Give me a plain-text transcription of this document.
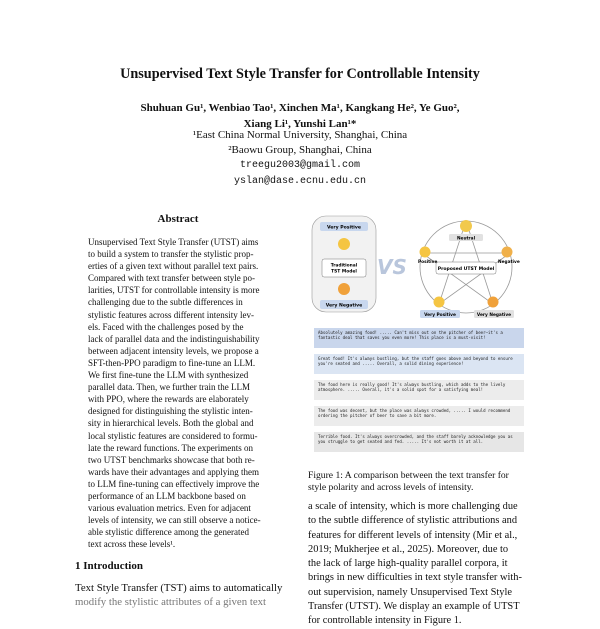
Unsupervised Text Style Transfer for Controllable Intensity
Shuhuan Gu¹, Wenbiao Tao¹, Xinchen Ma¹, Kangkang He², Ye Guo²,
Xiang Li¹, Yunshi Lan¹*
¹East China Normal University, Shanghai, China
²Baowu Group, Shanghai, China
treegu2003@gmail.com
yslan@dase.ecnu.edu.cn
Abstract
Unsupervised Text Style Transfer (UTST) aims
to build a system to transfer the stylistic prop-
erties of a given text without parallel text pairs.
Compared with text transfer between style po-
larities, UTST for controllable intensity is more
challenging due to the subtle differences in
stylistic features across different intensity lev-
els. Faced with the challenges posed by the
lack of parallel data and the indistinguishability
between adjacent intensity levels, we propose a
SFT-then-PPO paradigm to fine-tune an LLM.
We first fine-tune the LLM with synthesized
parallel data. Then, we further train the LLM
with PPO, where the rewards are elaborately
designed for distinguishing the stylistic inten-
sity in hierarchical levels. Both the global and
local stylistic features are considered to formu-
late the reward functions. The experiments on
two UTST benchmarks showcase that both re-
wards have their advantages and applying them
to LLM fine-tuning can effectively improve the
performance of an LLM backbone based on
various evaluation metrics. Even for adjacent
levels of intensity, we can still observe a notice-
able stylistic difference among the generated
text across these levels¹.
1 Introduction
Text Style Transfer (TST) aims to automatically
modify the stylistic attributes of a given text
Very Positive
Traditional
TST Model
Very Negative
VS	Proposed UTST Model
Neutral
Positive	Negative
Very Positive	Very Negative
Absolutely amazing food! ..... Can't miss out on the pitcher of beer—it's a fantastic deal that saves you even more! This place is a must-visit!
Great food! It's always bustling, but the staff goes above and beyond to ensure you're seated and ..... Overall, a solid dining experience!
The food here is really good! It's always bustling, which adds to the lively atmosphere. ..... Overall, it's a solid spot for a satisfying meal!
The food was decent, but the place was always crowded, ..... I would recommend ordering the pitcher of beer to save a bit more.
Terrible food. It's always overcrowded, and the staff barely acknowledge you as you struggle to get seated and fed. ..... It's not worth it at all.
Figure 1: A comparison between the text transfer for
style polarity and across levels of intensity.
a scale of intensity, which is more challenging due
to the subtle difference of stylistic attributions and
features for different levels of intensity (Mir et al.,
2019; Mukherjee et al., 2025). Moreover, due to
the lack of large high-quality parallel corpora, it
brings in new difficulties in text style transfer with-
out supervision, namely Unsupervised Text Style
Transfer (UTST). We display an example of UTST
for controllable intensity in Figure 1.
